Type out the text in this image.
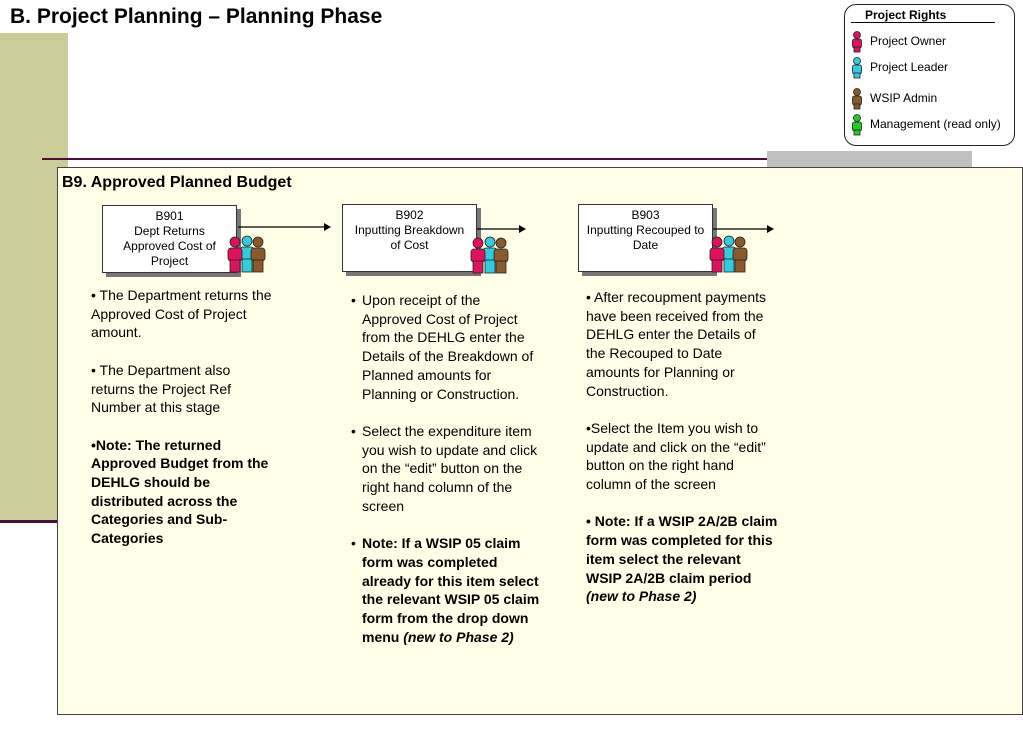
B. Project Planning – Planning Phase	Project Rights
Project Owner
Project Leader
WSIP Admin
Management (read only)
B9. Approved Planned Budget
B901
Dept Returns
Approved Cost of
Project

• The Department returns the Approved Cost of Project amount.

• The Department also returns the Project Ref Number at this stage

•Note: The returned Approved Budget from the DEHLG should be distributed across the Categories and Sub-Categories

B902
Inputting Breakdown
of Cost
• Upon receipt of the Approved Cost of Project from the DEHLG enter the Details of the Breakdown of Planned amounts for Planning or Construction.
• Select the expenditure item you wish to update and click on the “edit” button on the right hand column of the screen
• Note: If a WSIP 05 claim form was completed already for this item select the relevant WSIP 05 claim form from the drop down menu (new to Phase 2)
B903
Inputting Recouped to
Date

• After recoupment payments have been received from the DEHLG enter the Details of the Recouped to Date amounts for Planning or Construction.

•Select the Item you wish to update and click on the “edit” button on the right hand column of the screen

• Note: If a WSIP 2A/2B claim form was completed for this item select the relevant WSIP 2A/2B claim period (new to Phase 2)
